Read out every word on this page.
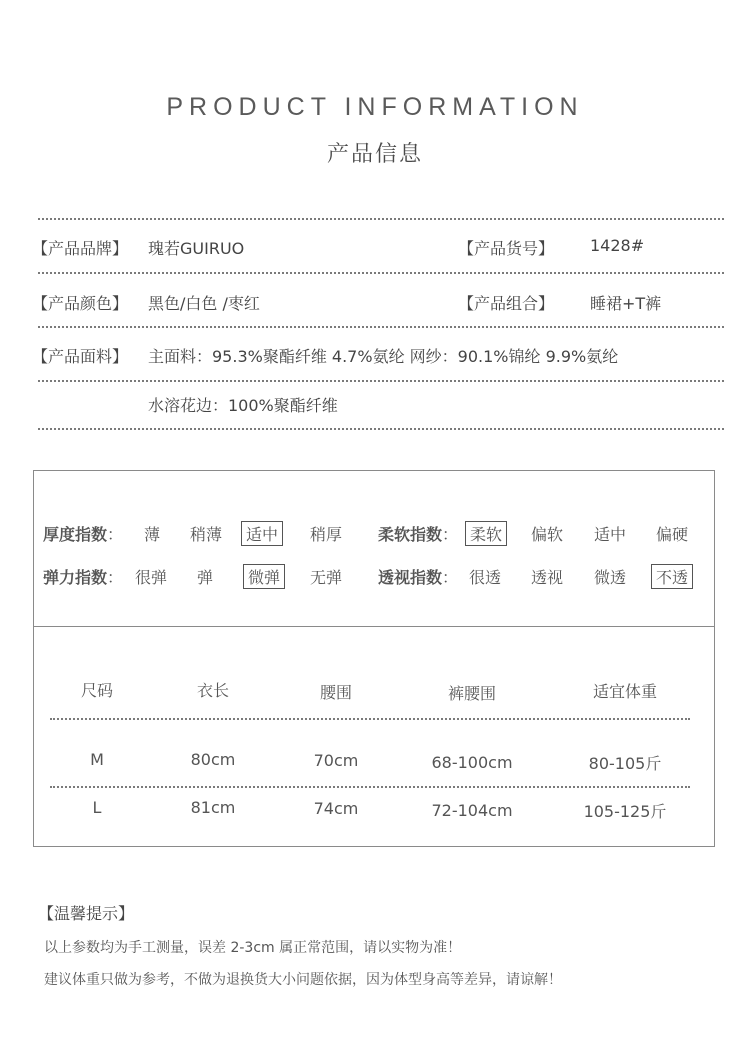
PRODUCT INFORMATION
产品信息
【产品品牌】 瑰若GUIRUO	【产品货号】 1428#
【产品颜色】 黑色/白色 /枣红	【产品组合】 睡裙+T裤
【产品面料】 主面料：95.3%聚酯纤维 4.7%氨纶 网纱：90.1%锦纶 9.9%氨纶
水溶花边：100%聚酯纤维
厚度指数： 薄 稍薄	适中	稍厚 柔软指数： 柔软	偏软 适中 偏硬
弹力指数： 很弹 弹	微弹	无弹 透视指数： 很透 透视 微透	不透
尺码	衣长	腰围	裤腰围	适宜体重
M	80cm	70cm	68-100cm	80-105斤
L	81cm	74cm	72-104cm	105-125斤
【温馨提示】
以上参数均为手工测量，误差 2-3cm 属正常范围，请以实物为准！
建议体重只做为参考，不做为退换货大小问题依据，因为体型身高等差异，请谅解！
